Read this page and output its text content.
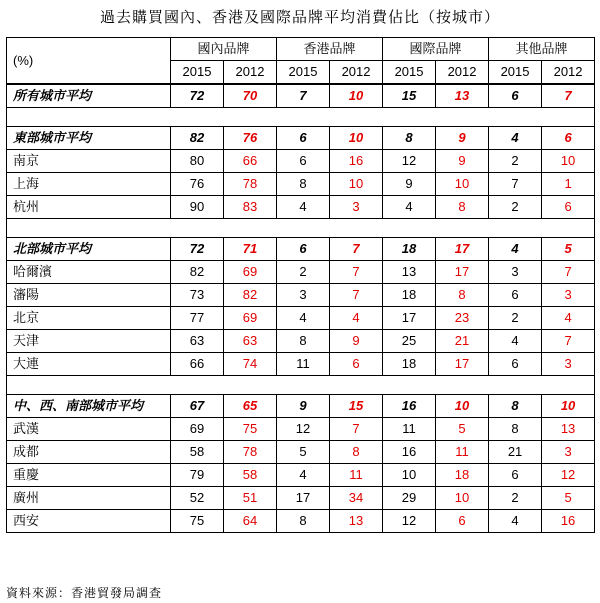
過去購買國內、香港及國際品牌平均消費佔比（按城市）
(%)	國內品牌		香港品牌		國際品牌		其他品牌	
	2015	2012	2015	2012	2015	2012	2015	2012
所有城市平均	72	70	7	10	15	13	6	7

東部城市平均	82	76	6	10	8	9	4	6
南京	80	66	6	16	12	9	2	10
上海	76	78	8	10	9	10	7	1
杭州	90	83	4	3	4	8	2	6

北部城市平均	72	71	6	7	18	17	4	5
哈爾濱	82	69	2	7	13	17	3	7
瀋陽	73	82	3	7	18	8	6	3
北京	77	69	4	4	17	23	2	4
天津	63	63	8	9	25	21	4	7
大連	66	74	11	6	18	17	6	3

中、西、南部城市平均	67	65	9	15	16	10	8	10
武漢	69	75	12	7	11	5	8	13
成都	58	78	5	8	16	11	21	3
重慶	79	58	4	11	10	18	6	12
廣州	52	51	17	34	29	10	2	5
西安	75	64	8	13	12	6	4	16
資料來源：香港貿發局調查
